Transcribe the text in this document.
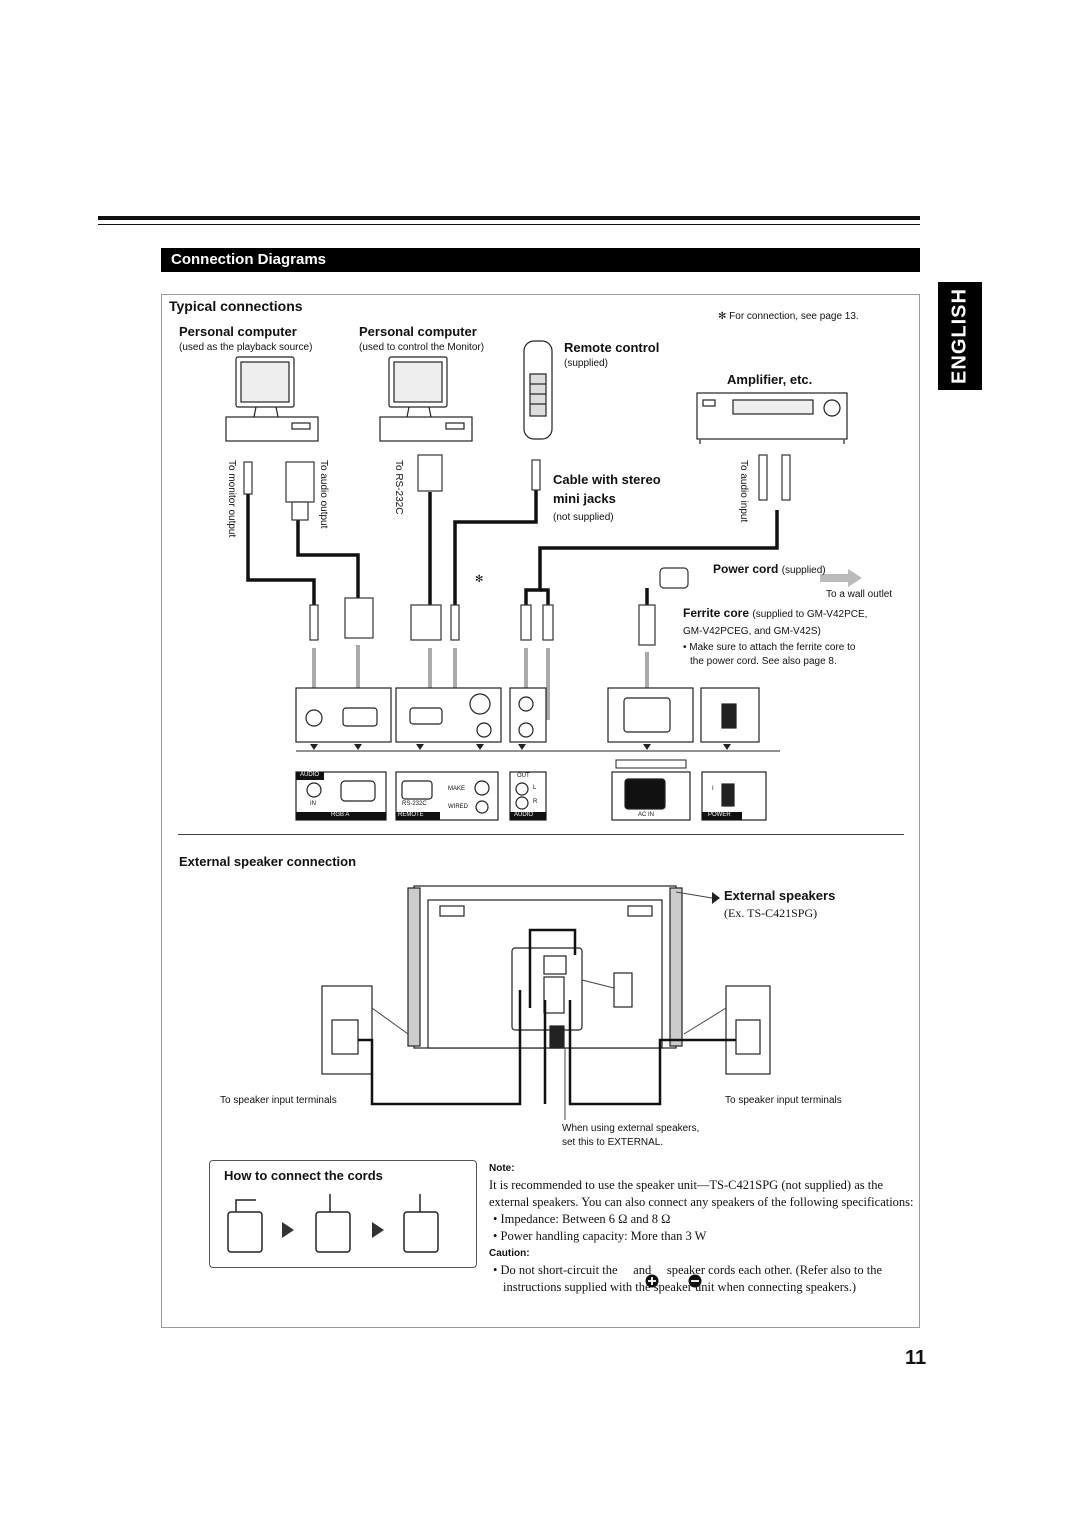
Connection Diagrams
ENGLISH
Typical connections
✻ For connection, see page 13.
Personal computer
(used as the playback source)
Personal computer
(used to control the Monitor)	Remote control
(supplied)
Amplifier, etc.
Cable with stereo
mini jacks
(not supplied)
To monitor output	To audio output	To RS-232C	To audio input
✻
Power cord (supplied)
To a wall outlet
Ferrite core (supplied to GM-V42PCE,
GM-V42PCEG, and GM-V42S)
• Make sure to attach the ferrite core to
the power cord. See also page 8.
AUDIO
IN
RGB A
RS-232C
REMOTE
MAKE
WIRED
OUT
L
R
AUDIO	AC IN	POWER
I
External speaker connection
External speakers
(Ex. TS-C421SPG)
To speaker input terminals	To speaker input terminals
When using external speakers,
set this to EXTERNAL.
How to connect the cords	Note:
It is recommended to use the speaker unit—TS-C421SPG (not supplied) as the external speakers. You can also connect any speakers of the following specifications:
• Impedance: Between 6 Ω and 8 Ω
• Power handling capacity: More than 3 W
Caution:
• Do not short-circuit the and speaker cords each other. (Refer also to the instructions supplied with the speaker unit when connecting speakers.)
11
